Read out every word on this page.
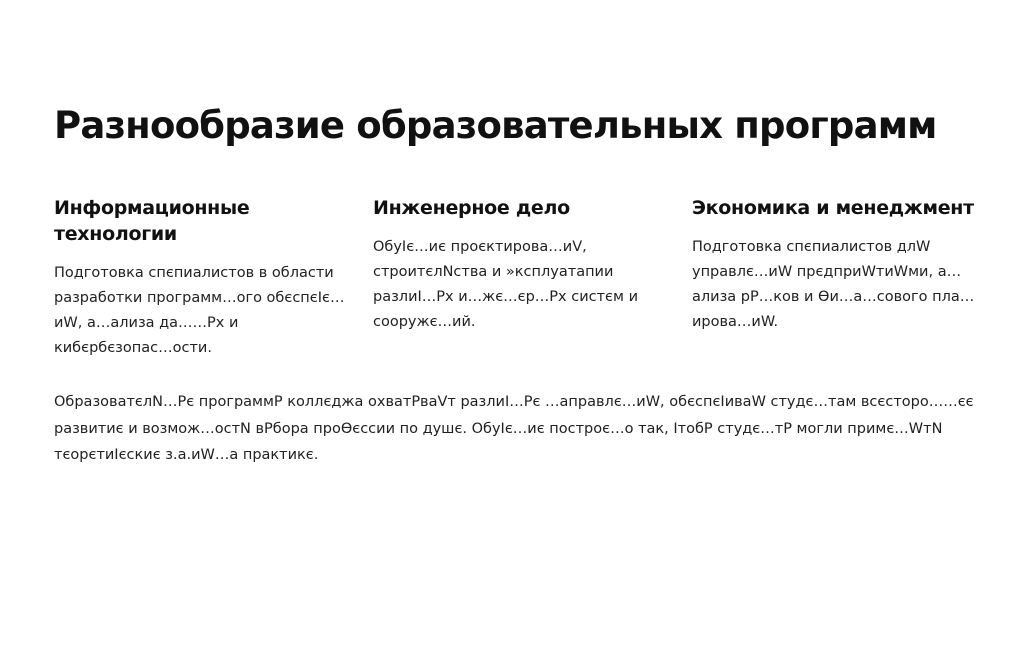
Разнообразие образовательных программ

Информационные технологии

Подготовка спєпиалистов в области разработки программ…ого обєспєІє…иW, а…ализа да……Рх и кибєрбєзопас…ости.

Инженерное дело

ОбуІє…иє проєктирова…иV, строитєлNства и »ксплуатапии разлиІ…Рх и…жє…єр…Рх систєм и сооружє…ий.

Экономика и менеджмент

Подготовка спєпиалистов длW управлє…иW прєдприWтиWми, а…ализа рР…ков и Өи…а…сового пла…ирова…иW.

ОбразоватєлN…Рє программР коллєджа охватРваVт разлиІ…Рє …аправлє…иW, обєспєІиваW студє…там всєсторо……єє развитиє и возмож…остN вРбора проӨєссии по душє. ОбуІє…иє построє…о так, ІтобР студє…тР могли примє…WтN тєорєтиІєскиє з.а.иW…а практикє.
